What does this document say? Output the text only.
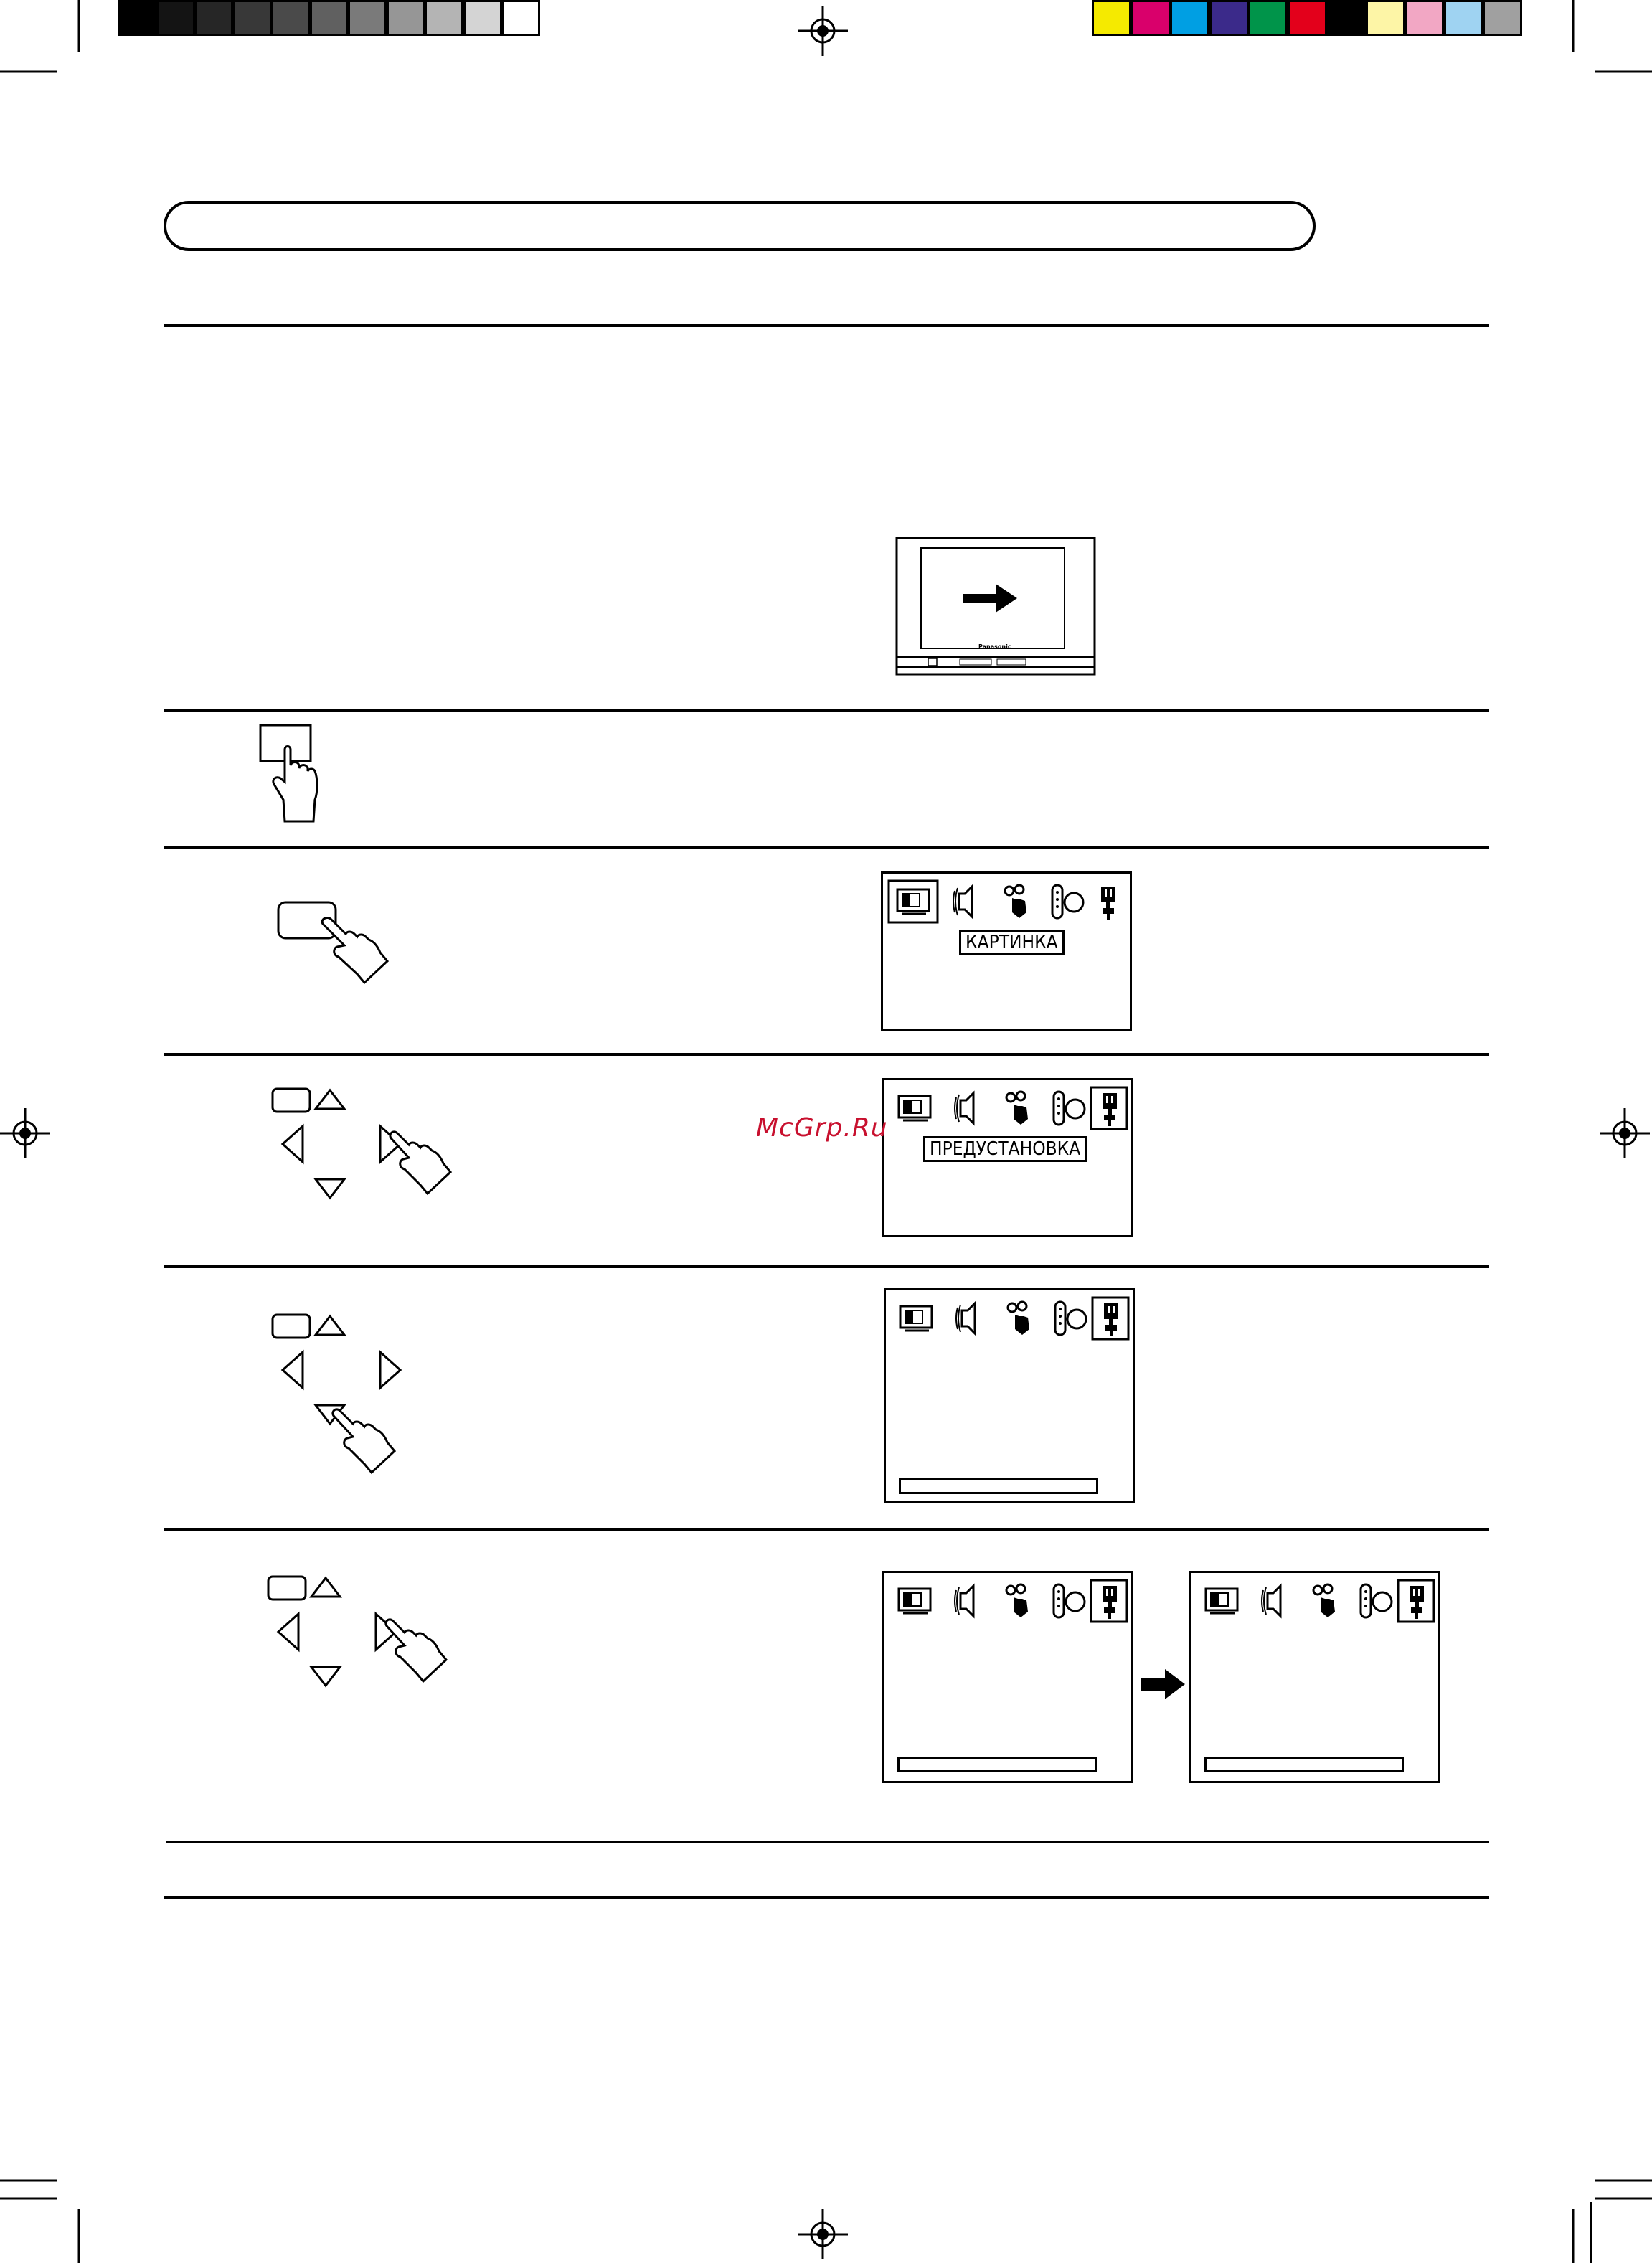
Panasonic
КАРТИНКА
ПРЕДУСТАНОВКА
McGrp.Ru
